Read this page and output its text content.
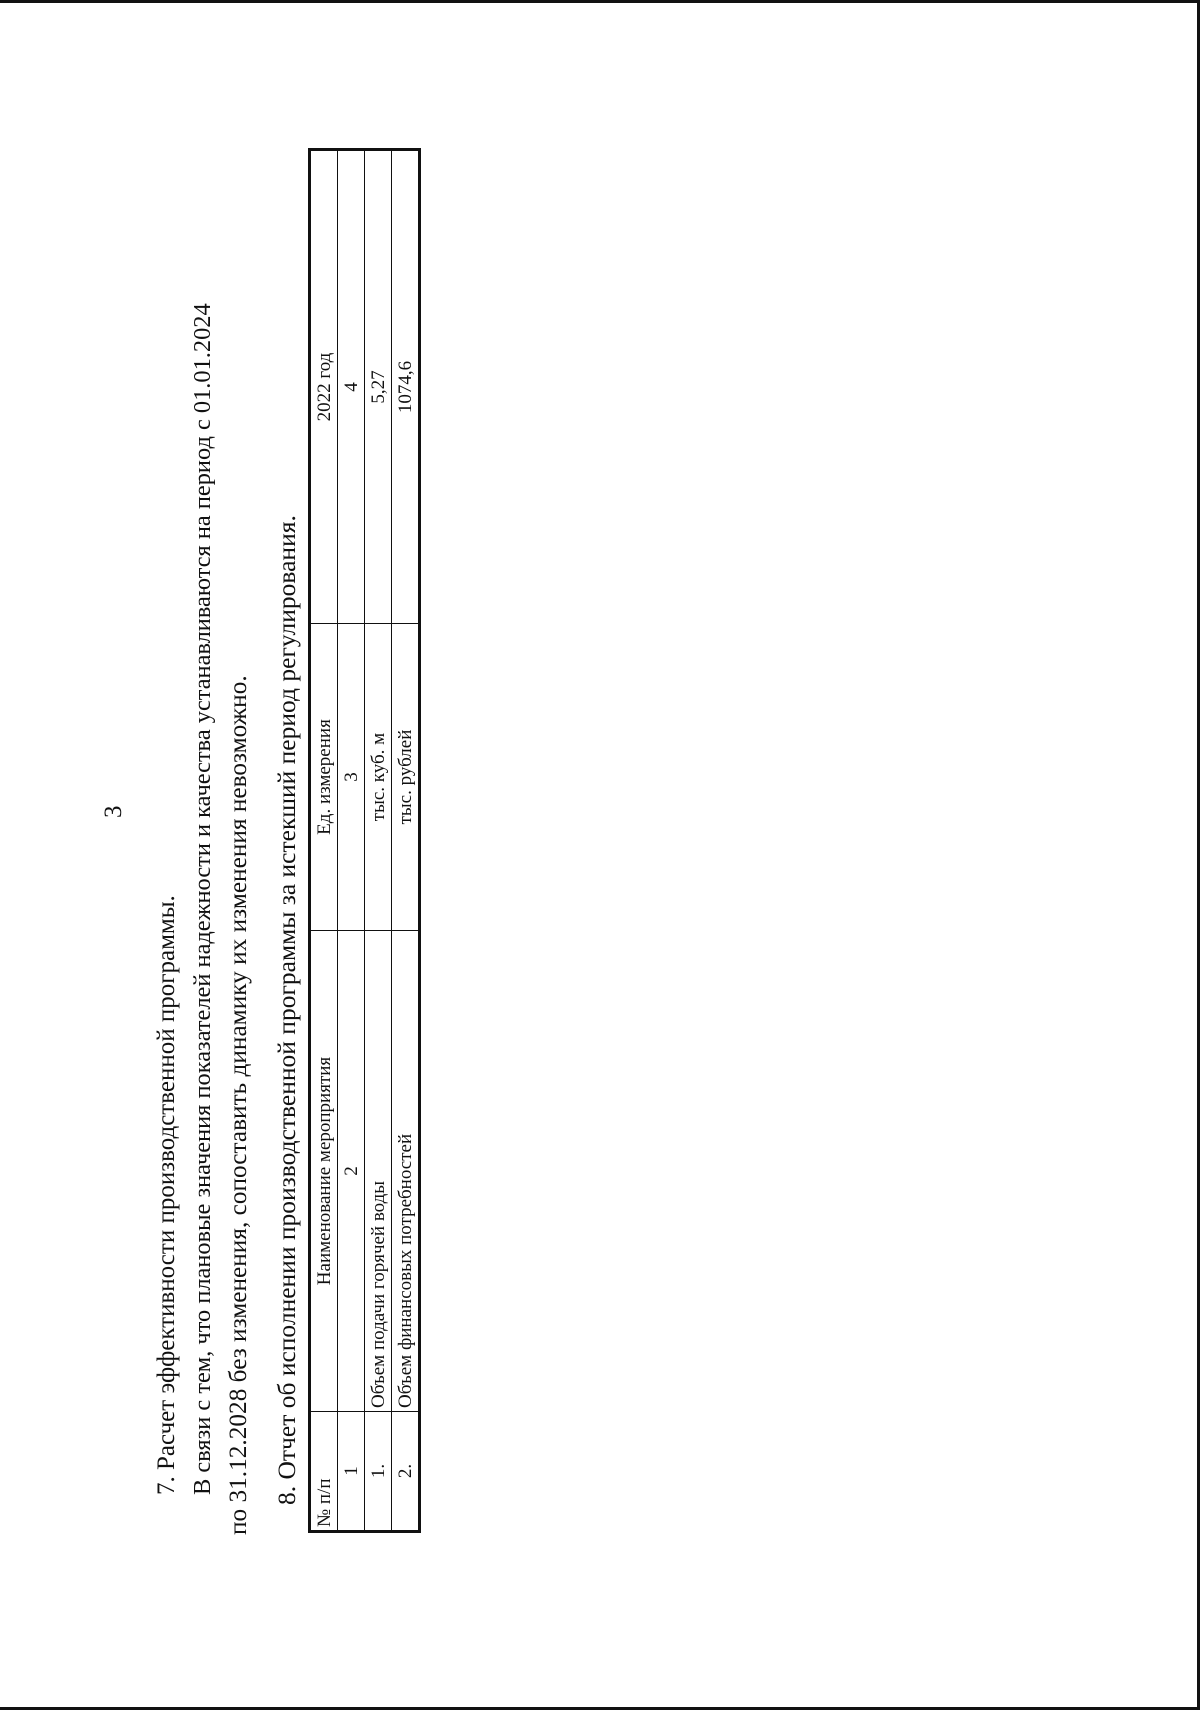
3
7. Расчет эффективности производственной программы. В связи с тем, что плановые значения показателей надежности и качества устанавливаются на период с 01.01.2024 по 31.12.2028 без изменения, сопоставить динамику их изменения невозможно. 8. Отчет об исполнении производственной программы за истекший период регулирования. № п/п	Наименование мероприятия	Ед. измерения	2022 год
1	2	3	4
1.	Объем подачи горячей воды	тыс. куб. м	5,27
2.	Объем финансовых потребностей	тыс. рублей	1074,6
